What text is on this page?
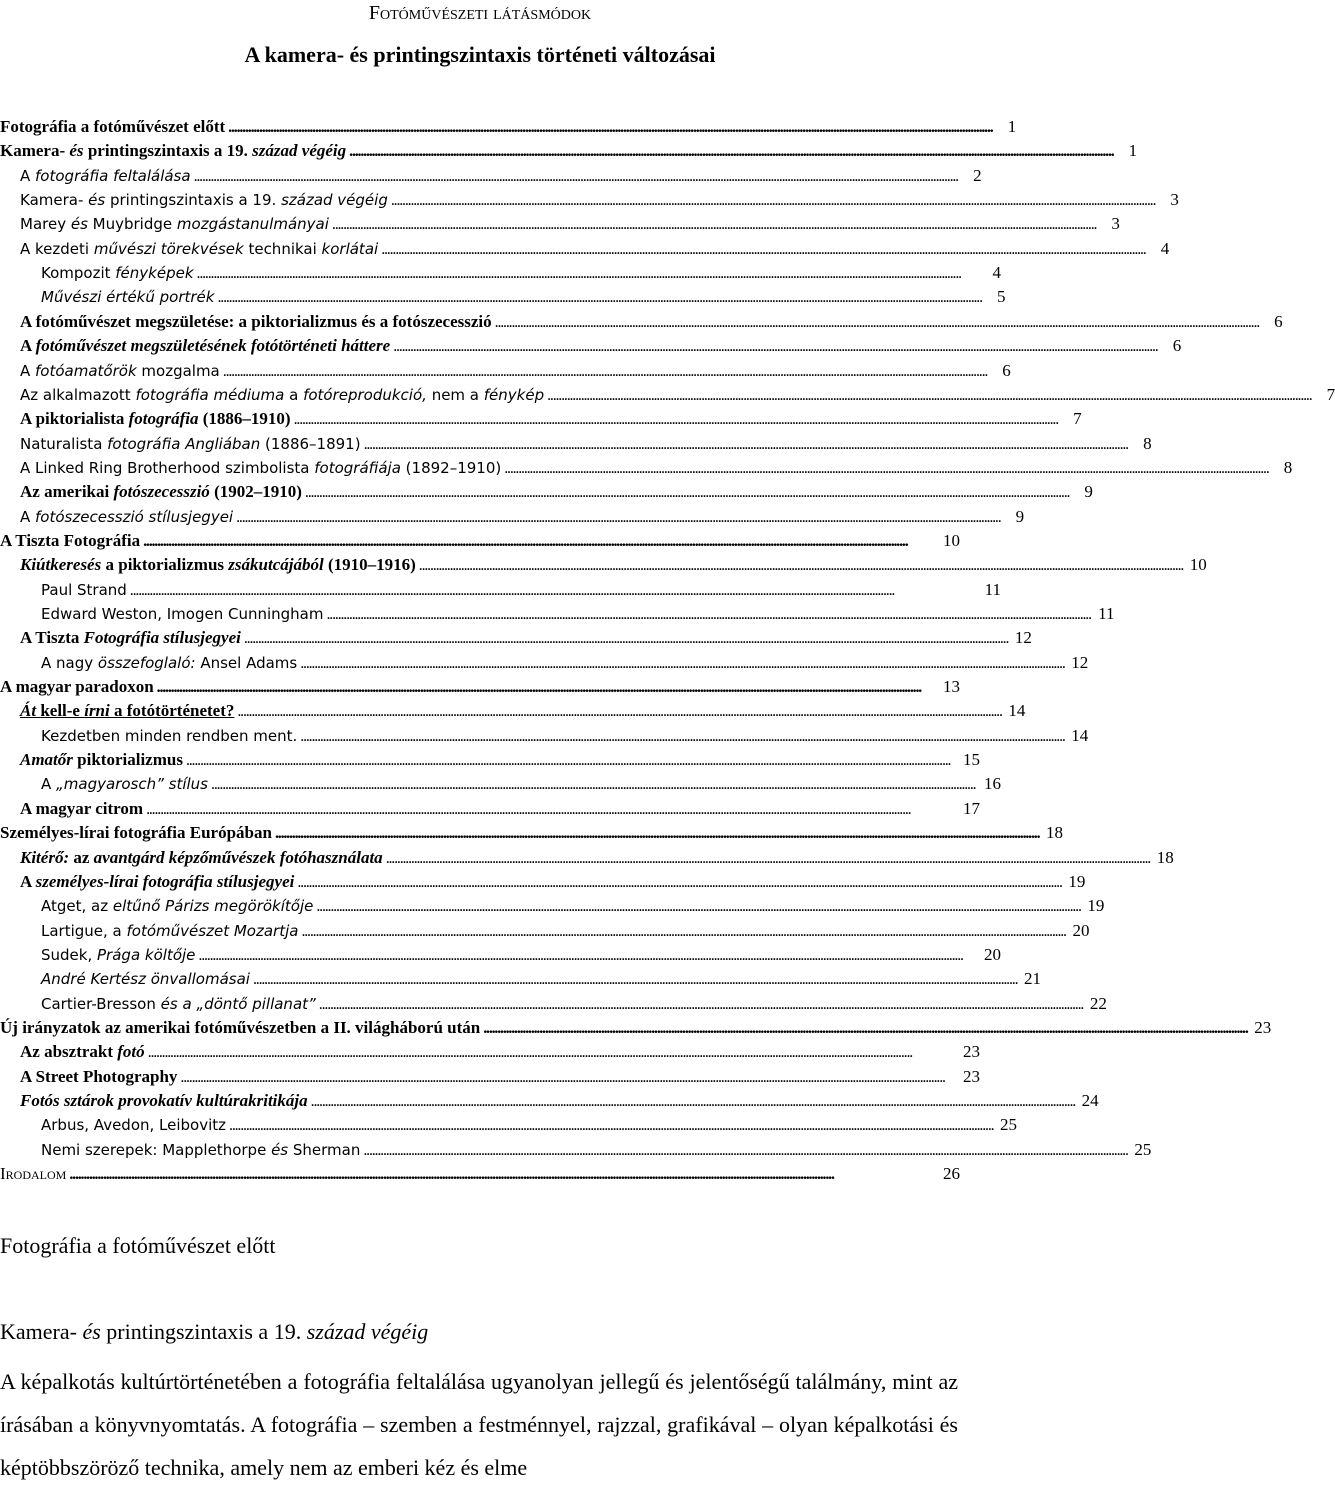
Fotóművészeti látásmódok
A kamera- és printingszintaxis történeti változásai
Fotográfia a fotóművészet előtt . . .	1
Kamera- és printingszintaxis a 19. század végéig . . .	1
A fotográfia feltalálása . . .	2
Kamera- és printingszintaxis a 19. század végéig . . .	3
Marey és Muybridge mozgástanulmányai . . .	3
A kezdeti művészi törekvések technikai korlátai . . .	4
Kompozit fényképek . . .	4
Művészi értékű portrék . . .	5
A fotóművészet megszületése: a piktorializmus és a fotószecesszió . . .	6
A fotóművészet megszületésének fotótörténeti háttere . . .	6
A fotóamatőrök mozgalma . . .	6
Az alkalmazott fotográfia médiuma a fotóreprodukció, nem a fénykép . . .	7
A piktorialista fotográfia (1886–1910) . . .	7
Naturalista fotográfia Angliában (1886–1891) . . .	8
A Linked Ring Brotherhood szimbolista fotográfiája (1892–1910) . . .	8
Az amerikai fotószecesszió (1902–1910) . . .	9
A fotószecesszió stílusjegyei . . .	9
A Tiszta Fotográfia . . .	10
Kiútkeresés a piktorializmus zsákutcájából (1910–1916) . . .	10
Paul Strand . . .	11
Edward Weston, Imogen Cunningham . . .	11
A Tiszta Fotográfia stílusjegyei . . .	12
A nagy összefoglaló: Ansel Adams . . .	12
A magyar paradoxon . . .	13
Át kell-e írni a fotótörténetet? . . .	14
Kezdetben minden rendben ment. . . .	14
Amatőr piktorializmus . . .	15
A „magyarosch” stílus . . .	16
A magyar citrom . . .	17
Személyes-lírai fotográfia Európában . . .	18
Kitérő: az avantgárd képzőművészek fotóhasználata . . .	18
A személyes-lírai fotográfia stílusjegyei . . .	19
Atget, az eltűnő Párizs megörökítője . . .	19
Lartigue, a fotóművészet Mozartja . . .	20
Sudek, Prága költője . . .	20
André Kertész önvallomásai . . .	21
Cartier-Bresson és a „döntő pillanat” . . .	22
Új irányzatok az amerikai fotóművészetben a II. világháború után . . .	23
Az absztrakt fotó . . .	23
A Street Photography . . .	23
Fotós sztárok provokatív kultúrakritikája . . .	24
Arbus, Avedon, Leibovitz . . .	25
Nemi szerepek: Mapplethorpe és Sherman . . .	25
Irodalom . . .	26
Fotográfia a fotóművészet előtt
Kamera- és printingszintaxis a 19. század végéig

A képalkotás kultúrtörténetében a fotográfia feltalálása ugyanolyan jellegű és jelentőségű találmány, mint az írásában a könyvnyomtatás. A fotográfia – szemben a festménnyel, rajzzal, grafikával – olyan képalkotási és képtöbbszöröző technika, amely nem az emberi kéz és elme
